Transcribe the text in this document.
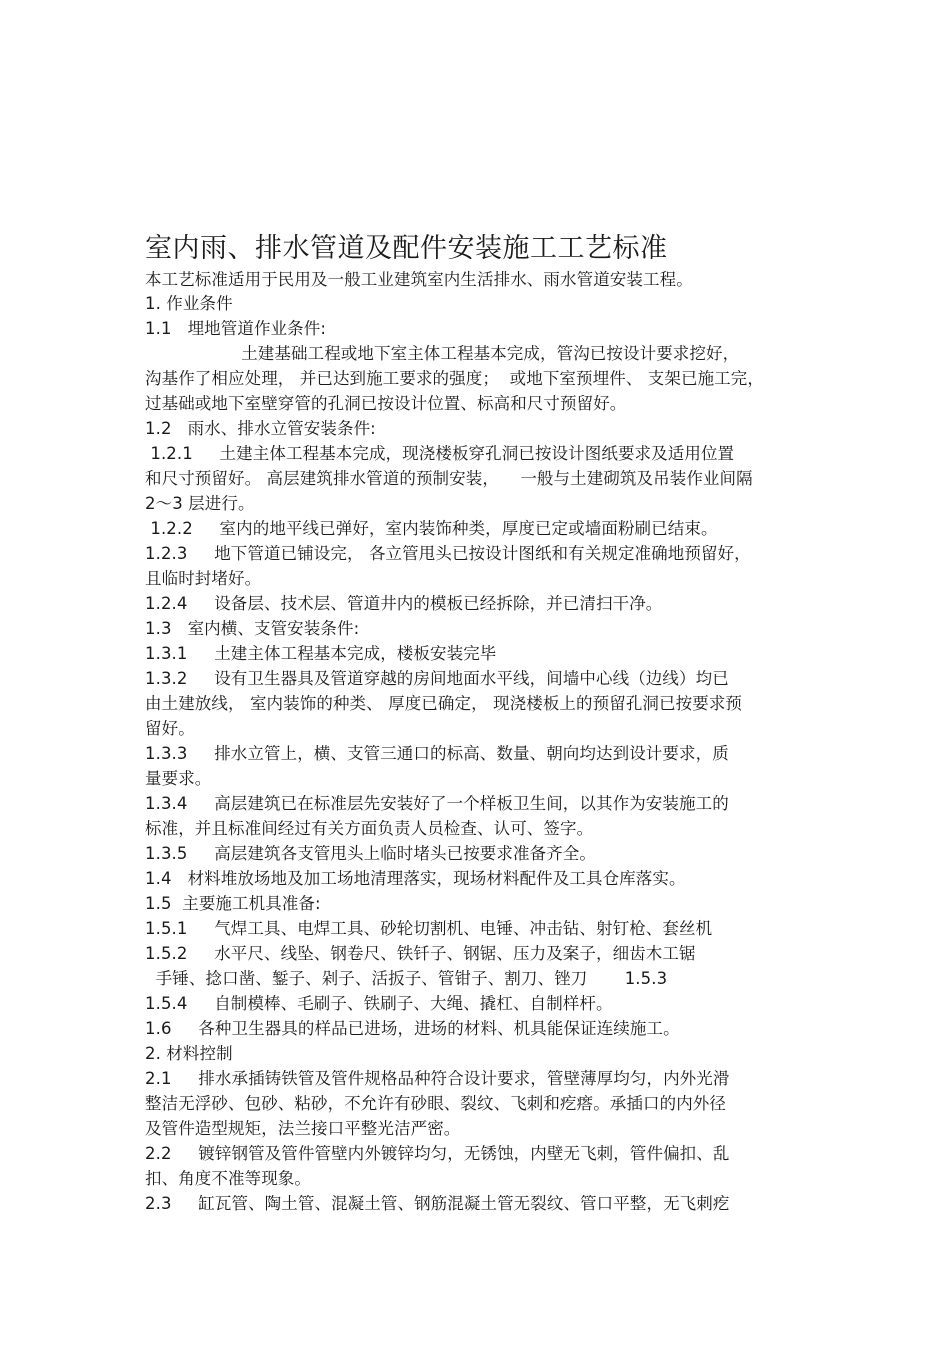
室内雨、排水管道及配件安装施工工艺标准
本工艺标准适用于民用及一般工业建筑室内生活排水、雨水管道安装工程。
1. 作业条件
1.1   埋地管道作业条件:
土建基础工程或地下室主体工程基本完成，管沟已按设计要求挖好，
沟基作了相应处理， 并已达到施工要求的强度；  或地下室预埋件、 支架已施工完，
过基础或地下室壁穿管的孔洞已按设计位置、标高和尺寸预留好。
1.2   雨水、排水立管安装条件:
1.2.1     土建主体工程基本完成，现浇楼板穿孔洞已按设计图纸要求及适用位置
和尺寸预留好。 高层建筑排水管道的预制安装，    一般与土建砌筑及吊装作业间隔
2～3 层进行。
1.2.2     室内的地平线已弹好，室内装饰种类，厚度已定或墙面粉刷已结束。
1.2.3     地下管道已铺设完， 各立管甩头已按设计图纸和有关规定准确地预留好，
且临时封堵好。
1.2.4     设备层、技术层、管道井内的模板已经拆除，并已清扫干净。
1.3   室内横、支管安装条件:
1.3.1     土建主体工程基本完成，楼板安装完毕
1.3.2     设有卫生器具及管道穿越的房间地面水平线，间墙中心线（边线）均已
由土建放线， 室内装饰的种类、 厚度已确定， 现浇楼板上的预留孔洞已按要求预
留好。
1.3.3     排水立管上，横、支管三通口的标高、数量、朝向均达到设计要求，质
量要求。
1.3.4     高层建筑已在标准层先安装好了一个样板卫生间，以其作为安装施工的
标准，并且标准间经过有关方面负责人员检查、认可、签字。
1.3.5     高层建筑各支管甩头上临时堵头已按要求准备齐全。
1.4   材料堆放场地及加工场地清理落实，现场材料配件及工具仓库落实。
1.5  主要施工机具准备:
1.5.1     气焊工具、电焊工具、砂轮切割机、电锤、冲击钻、射钉枪、套丝机
1.5.2     水平尺、线坠、钢卷尺、铁钎子、钢锯、压力及案子，细齿木工锯
手锤、捻口凿、錾子、剁子、活扳子、管钳子、割刀、锉刀       1.5.3
1.5.4     自制模棒、毛刷子、铁刷子、大绳、撬杠、自制样杆。
1.6     各种卫生器具的样品已进场，进场的材料、机具能保证连续施工。
2. 材料控制
2.1     排水承插铸铁管及管件规格品种符合设计要求，管壁薄厚均匀，内外光滑
整洁无浮砂、包砂、粘砂，不允许有砂眼、裂纹、飞刺和疙瘩。承插口的内外径
及管件造型规矩，法兰接口平整光洁严密。
2.2     镀锌钢管及管件管壁内外镀锌均匀，无锈蚀，内壁无飞刺，管件偏扣、乱
扣、角度不准等现象。
2.3     缸瓦管、陶土管、混凝土管、钢筋混凝土管无裂纹、管口平整，无飞刺疙
